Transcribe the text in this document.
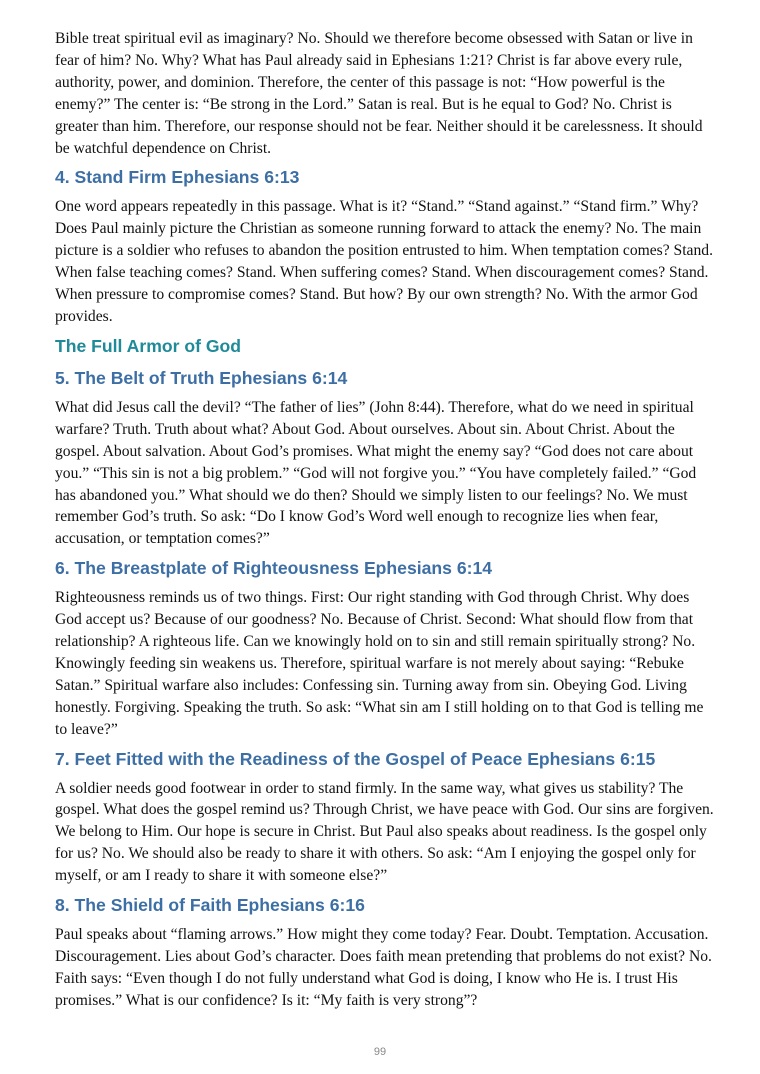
Bible treat spiritual evil as imaginary? No. Should we therefore become obsessed with Satan or live in fear of him? No. Why? What has Paul already said in Ephesians 1:21? Christ is far above every rule, authority, power, and dominion. Therefore, the center of this passage is not: “How powerful is the enemy?” The center is: “Be strong in the Lord.” Satan is real. But is he equal to God? No. Christ is greater than him. Therefore, our response should not be fear. Neither should it be carelessness. It should be watchful dependence on Christ.

4. Stand Firm Ephesians 6:13

One word appears repeatedly in this passage. What is it? “Stand.” “Stand against.” “Stand firm.” Why? Does Paul mainly picture the Christian as someone running forward to attack the enemy? No. The main picture is a soldier who refuses to abandon the position entrusted to him. When temptation comes? Stand. When false teaching comes? Stand. When suffering comes? Stand. When discouragement comes? Stand. When pressure to compromise comes? Stand. But how? By our own strength? No. With the armor God provides.

The Full Armor of God
5. The Belt of Truth Ephesians 6:14

What did Jesus call the devil? “The father of lies” (John 8:44). Therefore, what do we need in spiritual warfare? Truth. Truth about what? About God. About ourselves. About sin. About Christ. About the gospel. About salvation. About God’s promises. What might the enemy say? “God does not care about you.” “This sin is not a big problem.” “God will not forgive you.” “You have completely failed.” “God has abandoned you.” What should we do then? Should we simply listen to our feelings? No. We must remember God’s truth. So ask: “Do I know God’s Word well enough to recognize lies when fear, accusation, or temptation comes?”

6. The Breastplate of Righteousness Ephesians 6:14

Righteousness reminds us of two things. First: Our right standing with God through Christ. Why does God accept us? Because of our goodness? No. Because of Christ. Second: What should flow from that relationship? A righteous life. Can we knowingly hold on to sin and still remain spiritually strong? No. Knowingly feeding sin weakens us. Therefore, spiritual warfare is not merely about saying: “Rebuke Satan.” Spiritual warfare also includes: Confessing sin. Turning away from sin. Obeying God. Living honestly. Forgiving. Speaking the truth. So ask: “What sin am I still holding on to that God is telling me to leave?”

7. Feet Fitted with the Readiness of the Gospel of Peace Ephesians 6:15

A soldier needs good footwear in order to stand firmly. In the same way, what gives us stability? The gospel. What does the gospel remind us? Through Christ, we have peace with God. Our sins are forgiven. We belong to Him. Our hope is secure in Christ. But Paul also speaks about readiness. Is the gospel only for us? No. We should also be ready to share it with others. So ask: “Am I enjoying the gospel only for myself, or am I ready to share it with someone else?”

8. The Shield of Faith Ephesians 6:16

Paul speaks about “flaming arrows.” How might they come today? Fear. Doubt. Temptation. Accusation. Discouragement. Lies about God’s character. Does faith mean pretending that problems do not exist? No. Faith says: “Even though I do not fully understand what God is doing, I know who He is. I trust His promises.” What is our confidence? Is it: “My faith is very strong”?

99
